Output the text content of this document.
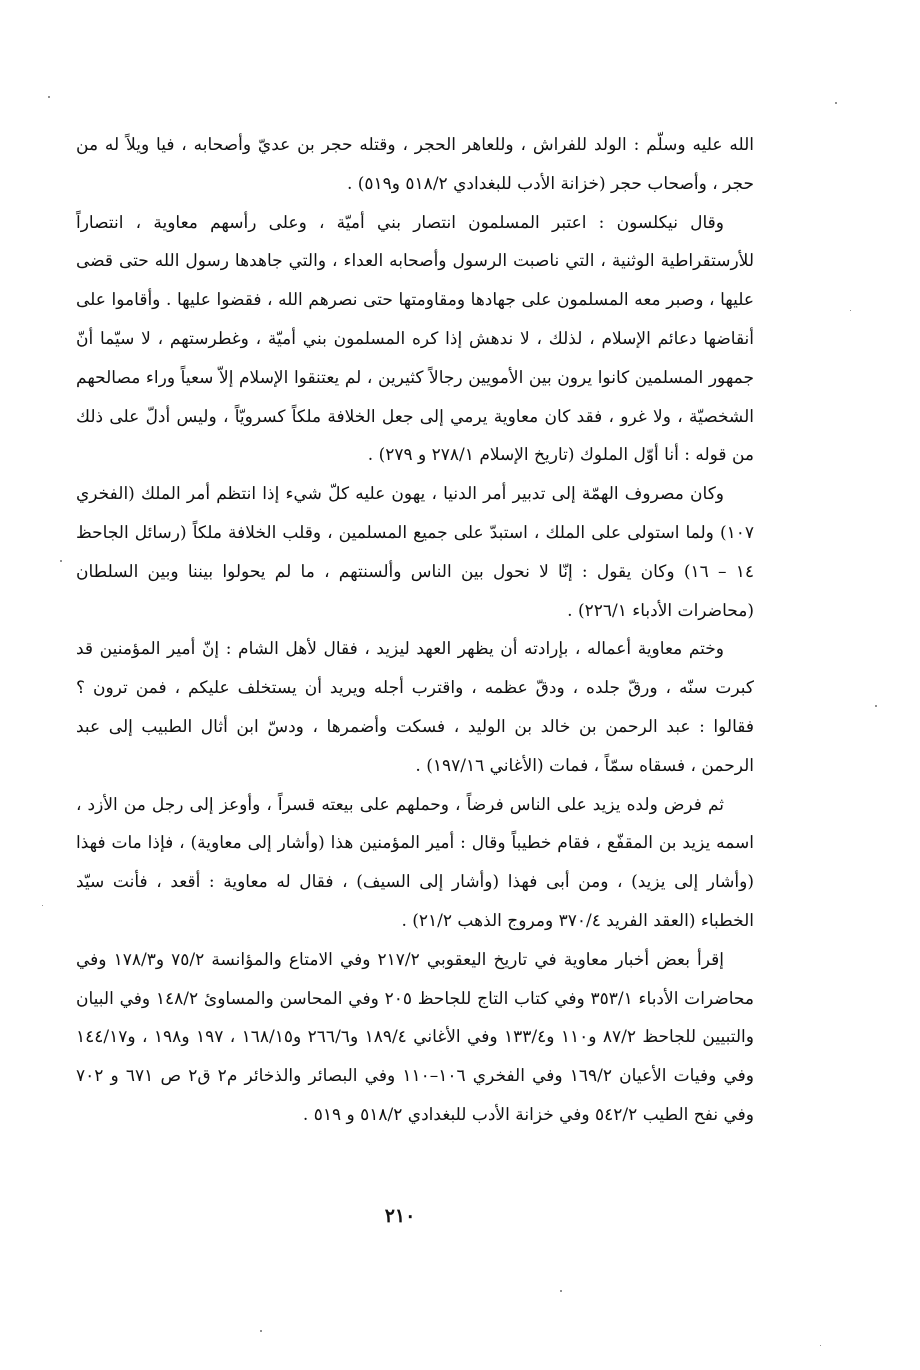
الله عليه وسلّم : الولد للفراش ، وللعاهر الحجر ، وقتله حجر بن عديّ وأصحابه ، فيا ويلاً له من حجر ، وأصحاب حجر (خزانة الأدب للبغدادي ٥١٨/٢ و٥١٩) .

وقال نيكلسون : اعتبر المسلمون انتصار بني أميّة ، وعلى رأسهم معاوية ، انتصاراً للأرستقراطية الوثنية ، التي ناصبت الرسول وأصحابه العداء ، والتي جاهدها رسول الله حتى قضى عليها ، وصبر معه المسلمون على جهادها ومقاومتها حتى نصرهم الله ، فقضوا عليها . وأقاموا على أنقاضها دعائم الإسلام ، لذلك ، لا ندهش إذا كره المسلمون بني أميّة ، وغطرستهم ، لا سيّما أنّ جمهور المسلمين كانوا يرون بين الأمويين رجالاً كثيرين ، لم يعتنقوا الإسلام إلاّ سعياً وراء مصالحهم الشخصيّة ، ولا غرو ، فقد كان معاوية يرمي إلى جعل الخلافة ملكاً كسرويّاً ، وليس أدلّ على ذلك من قوله : أنا أوّل الملوك (تاريخ الإسلام ٢٧٨/١ و ٢٧٩) .

وكان مصروف الهمّة إلى تدبير أمر الدنيا ، يهون عليه كلّ شيء إذا انتظم أمر الملك (الفخري ١٠٧) ولما استولى على الملك ، استبدّ على جميع المسلمين ، وقلب الخلافة ملكاً (رسائل الجاحظ ١٤ – ١٦) وكان يقول : إنّا لا نحول بين الناس وألسنتهم ، ما لم يحولوا بيننا وبين السلطان (محاضرات الأدباء ٢٢٦/١) .

وختم معاوية أعماله ، بإرادته أن يظهر العهد ليزيد ، فقال لأهل الشام : إنّ أمير المؤمنين قد كبرت سنّه ، ورقّ جلده ، ودقّ عظمه ، واقترب أجله ويريد أن يستخلف عليكم ، فمن ترون ؟ فقالوا : عبد الرحمن بن خالد بن الوليد ، فسكت وأضمرها ، ودسّ ابن أثال الطبيب إلى عبد الرحمن ، فسقاه سمّاً ، فمات (الأغاني ١٩٧/١٦) .

ثم فرض ولده يزيد على الناس فرضاً ، وحملهم على بيعته قسراً ، وأوعز إلى رجل من الأزد ، اسمه يزيد بن المقفّع ، فقام خطيباً وقال : أمير المؤمنين هذا (وأشار إلى معاوية) ، فإذا مات فهذا (وأشار إلى يزيد) ، ومن أبى فهذا (وأشار إلى السيف) ، فقال له معاوية : أقعد ، فأنت سيّد الخطباء (العقد الفريد ٣٧٠/٤ ومروج الذهب ٢١/٢) .

إقرأ بعض أخبار معاوية في تاريخ اليعقوبي ٢١٧/٢ وفي الامتاع والمؤانسة ٧٥/٢ و١٧٨/٣ وفي محاضرات الأدباء ٣٥٣/١ وفي كتاب التاج للجاحظ ٢٠٥ وفي المحاسن والمساوئ ١٤٨/٢ وفي البيان والتبيين للجاحظ ٨٧/٢ و١١٠ و١٣٣/٤ وفي الأغاني ١٨٩/٤ و٢٦٦/٦ و١٦٨/١٥ ، ١٩٧ و١٩٨ ، و١٤٤/١٧ وفي وفيات الأعيان ١٦٩/٢ وفي الفخري ١٠٦–١١٠ وفي البصائر والذخائر م٢ ق٢ ص ٦٧١ و ٧٠٢ وفي نفح الطيب ٥٤٢/٢ وفي خزانة الأدب للبغدادي ٥١٨/٢ و ٥١٩ .

٢١٠
